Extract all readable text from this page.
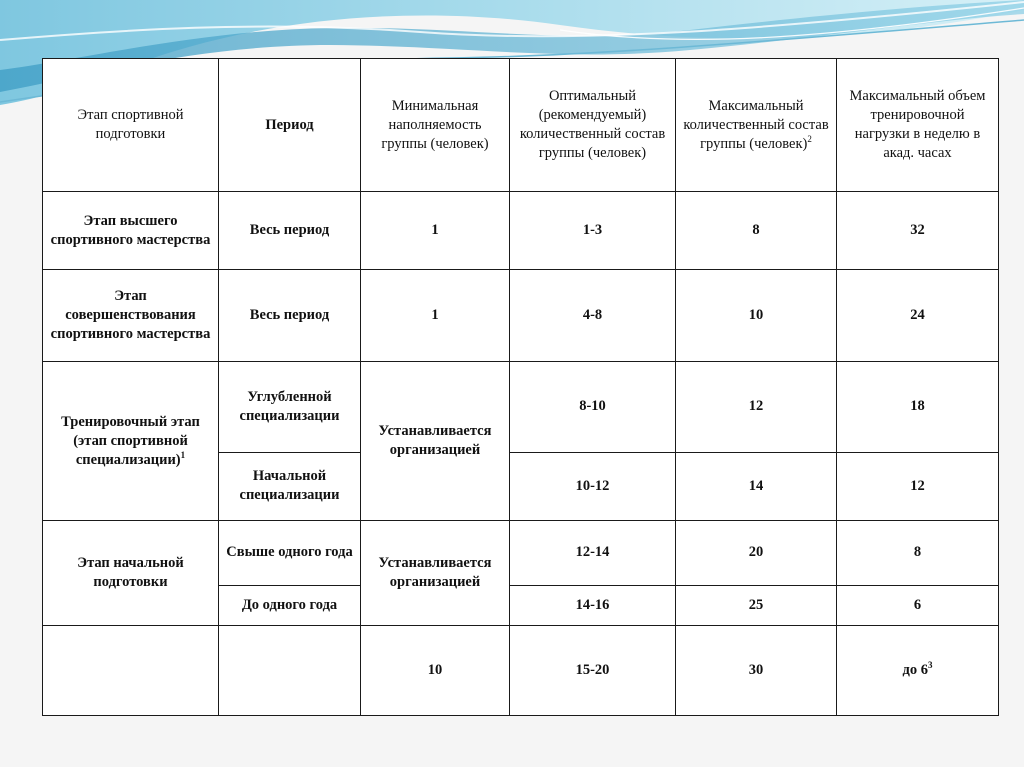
Этап спортивной подготовки	Период	Минимальная наполняемость группы (человек)	Оптимальный (рекомендуемый) количественный состав группы (человек)	Максимальный количественный состав группы (человек)$^2$	Максимальный объем тренировочной нагрузки в неделю в акад. часах
Этап высшего спортивного мастерства	Весь период	1	1-3	8	32
Этап совершенствования спортивного мастерства	Весь период	1	4-8	10	24
Тренировочный этап (этап спортивной специализации)$^1$	Углубленной специализации	Устанавливается организацией	8-10	12	18
	Начальной специализации		10-12	14	12
Этап начальной подготовки	Свыше одного года	Устанавливается организацией	12-14	20	8
	До одного года		14-16	25	6
		10	15-20	30	до $6^3$
